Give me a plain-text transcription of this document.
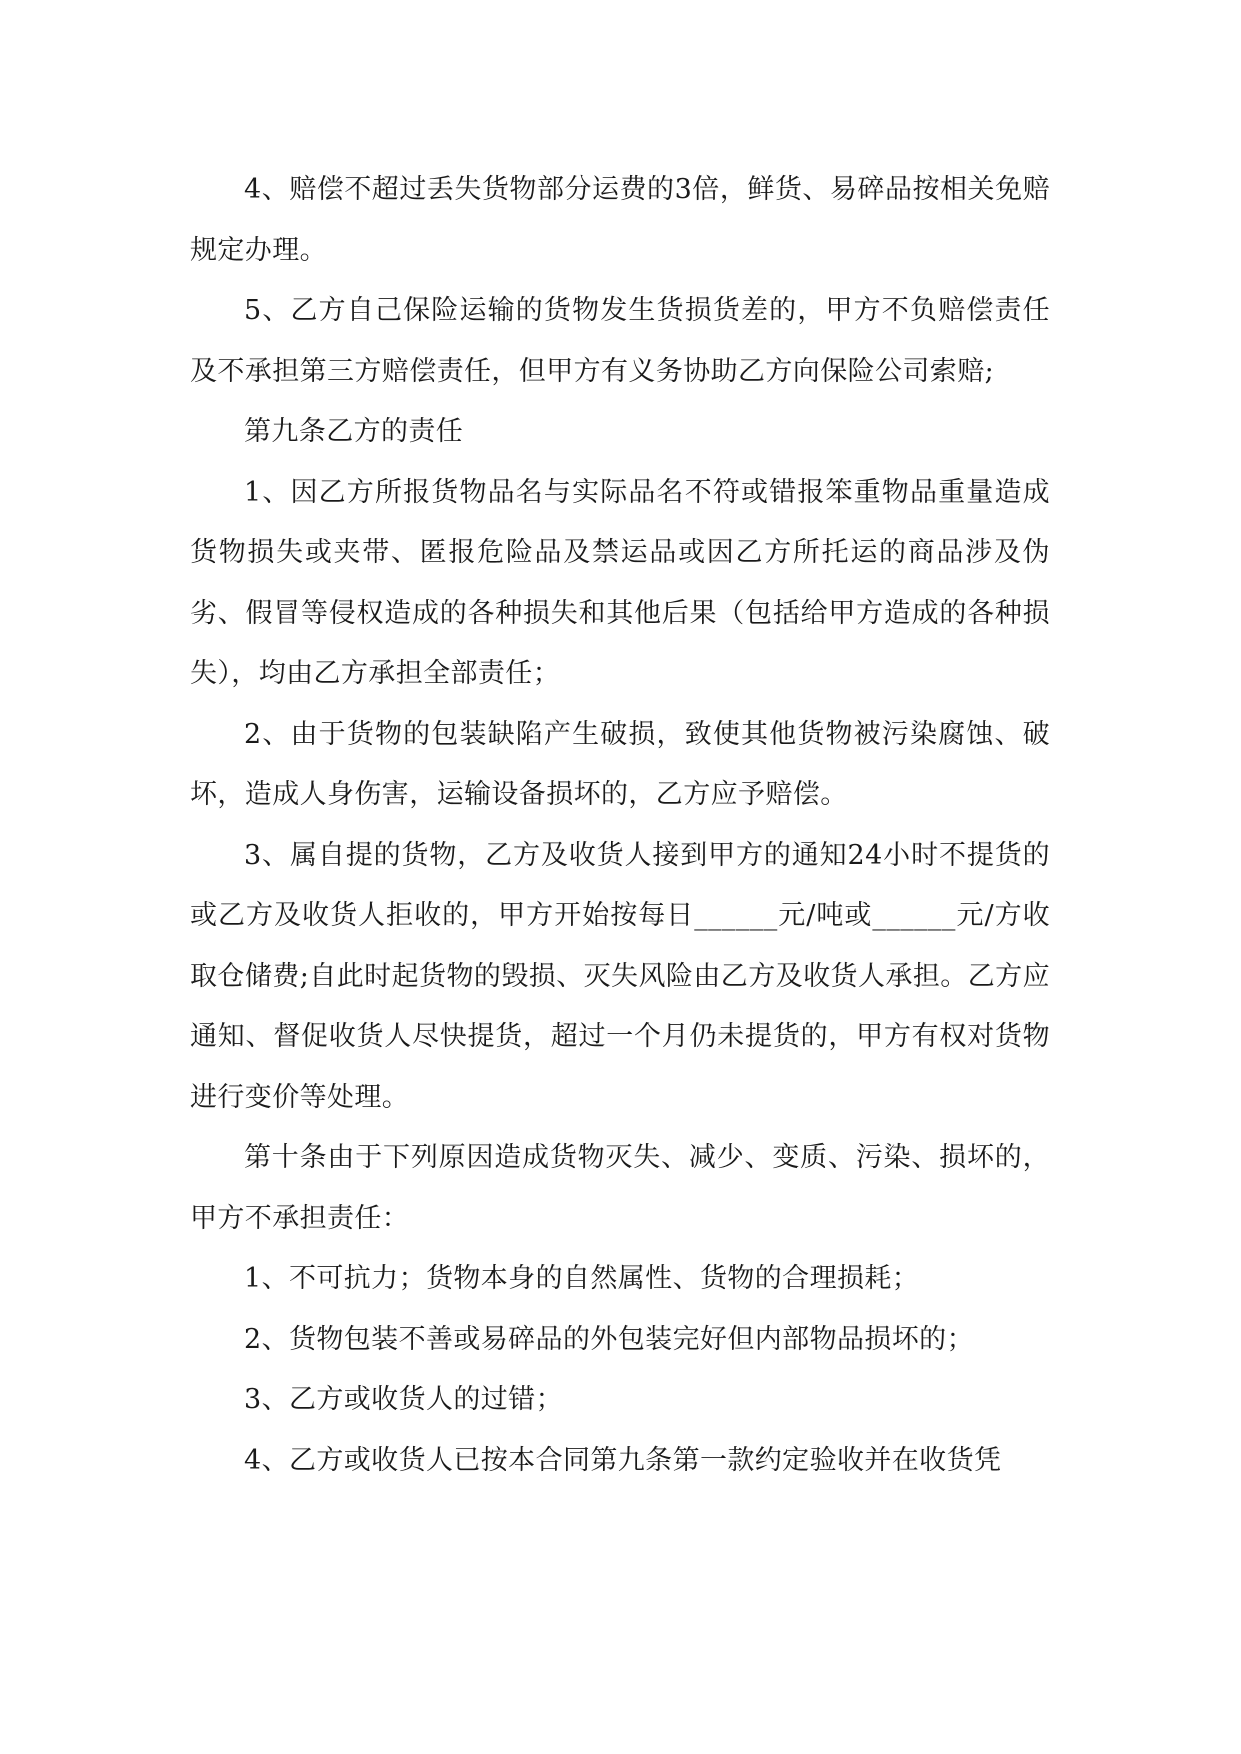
4、赔偿不超过丢失货物部分运费的3倍，鲜货、易碎品按相关免赔规定办理。

5、乙方自己保险运输的货物发生货损货差的，甲方不负赔偿责任及不承担第三方赔偿责任，但甲方有义务协助乙方向保险公司索赔;

第九条乙方的责任

1、因乙方所报货物品名与实际品名不符或错报笨重物品重量造成货物损失或夹带、匿报危险品及禁运品或因乙方所托运的商品涉及伪劣、假冒等侵权造成的各种损失和其他后果（包括给甲方造成的各种损失），均由乙方承担全部责任；

2、由于货物的包装缺陷产生破损，致使其他货物被污染腐蚀、破坏，造成人身伤害，运输设备损坏的，乙方应予赔偿。

3、属自提的货物，乙方及收货人接到甲方的通知24小时不提货的或乙方及收货人拒收的，甲方开始按每日______元/吨或______元/方收取仓储费;自此时起货物的毁损、灭失风险由乙方及收货人承担。乙方应通知、督促收货人尽快提货，超过一个月仍未提货的，甲方有权对货物进行变价等处理。

第十条由于下列原因造成货物灭失、减少、变质、污染、损坏的，甲方不承担责任：

1、不可抗力；货物本身的自然属性、货物的合理损耗；

2、货物包装不善或易碎品的外包装完好但内部物品损坏的；

3、乙方或收货人的过错；

4、乙方或收货人已按本合同第九条第一款约定验收并在收货凭
